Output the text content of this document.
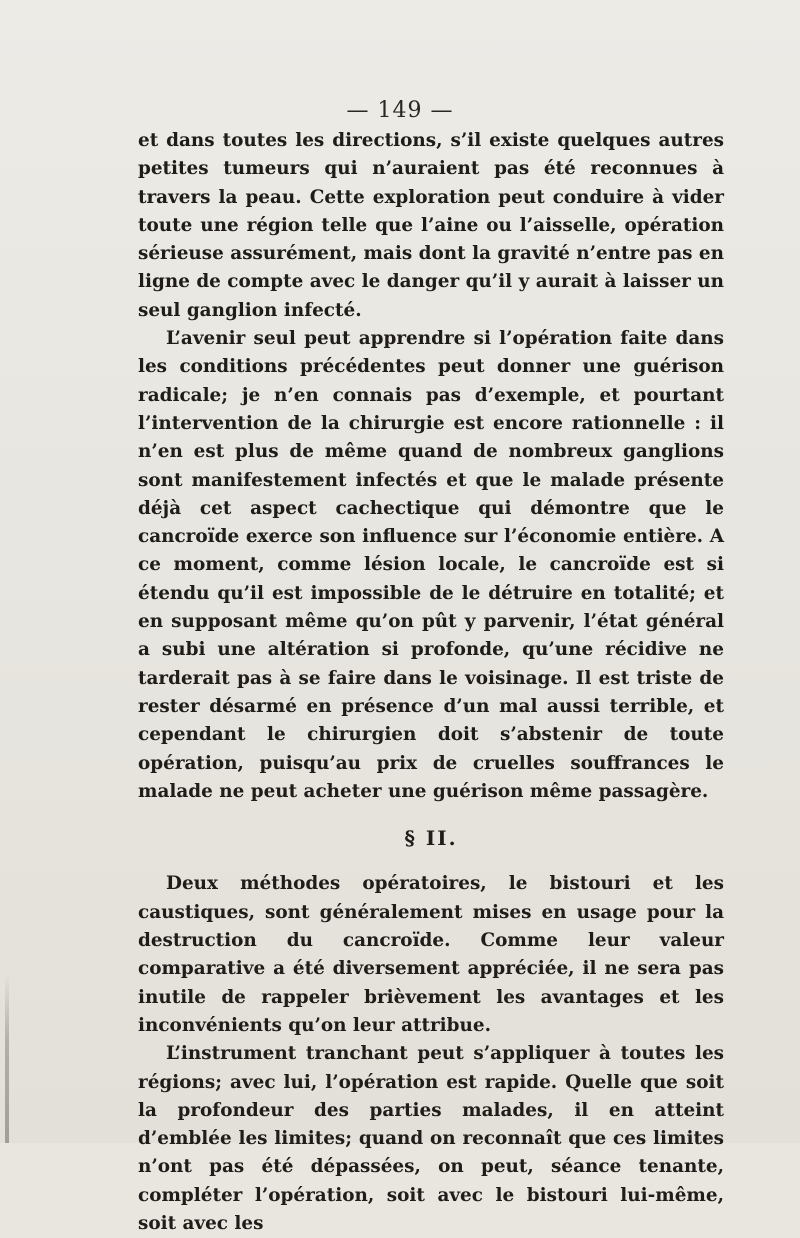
— 149 —

et dans toutes les directions, s’il existe quelques autres petites tumeurs qui n’auraient pas été reconnues à travers la peau. Cette exploration peut conduire à vider toute une région telle que l’aine ou l’aisselle, opération sérieuse assurément, mais dont la gravité n’entre pas en ligne de compte avec le danger qu’il y aurait à laisser un seul ganglion infecté.

L’avenir seul peut apprendre si l’opération faite dans les conditions précédentes peut donner une guérison radicale; je n’en connais pas d’exemple, et pourtant l’intervention de la chirurgie est encore rationnelle : il n’en est plus de même quand de nombreux ganglions sont manifestement infectés et que le malade présente déjà cet aspect cachectique qui démontre que le cancroïde exerce son influence sur l’économie entière. A ce moment, comme lésion locale, le cancroïde est si étendu qu’il est impossible de le détruire en totalité; et en supposant même qu’on pût y parvenir, l’état général a subi une altération si profonde, qu’une récidive ne tarderait pas à se faire dans le voisinage. Il est triste de rester désarmé en présence d’un mal aussi terrible, et cependant le chirurgien doit s’abstenir de toute opération, puisqu’au prix de cruelles souffrances le malade ne peut acheter une guérison même passagère.

§ II.

Deux méthodes opératoires, le bistouri et les caustiques, sont généralement mises en usage pour la destruction du cancroïde. Comme leur valeur comparative a été diversement appréciée, il ne sera pas inutile de rappeler brièvement les avantages et les inconvénients qu’on leur attribue.

L’instrument tranchant peut s’appliquer à toutes les régions; avec lui, l’opération est rapide. Quelle que soit la profondeur des parties malades, il en atteint d’emblée les limites; quand on reconnaît que ces limites n’ont pas été dépassées, on peut, séance tenante, compléter l’opération, soit avec le bistouri lui-même, soit avec les
